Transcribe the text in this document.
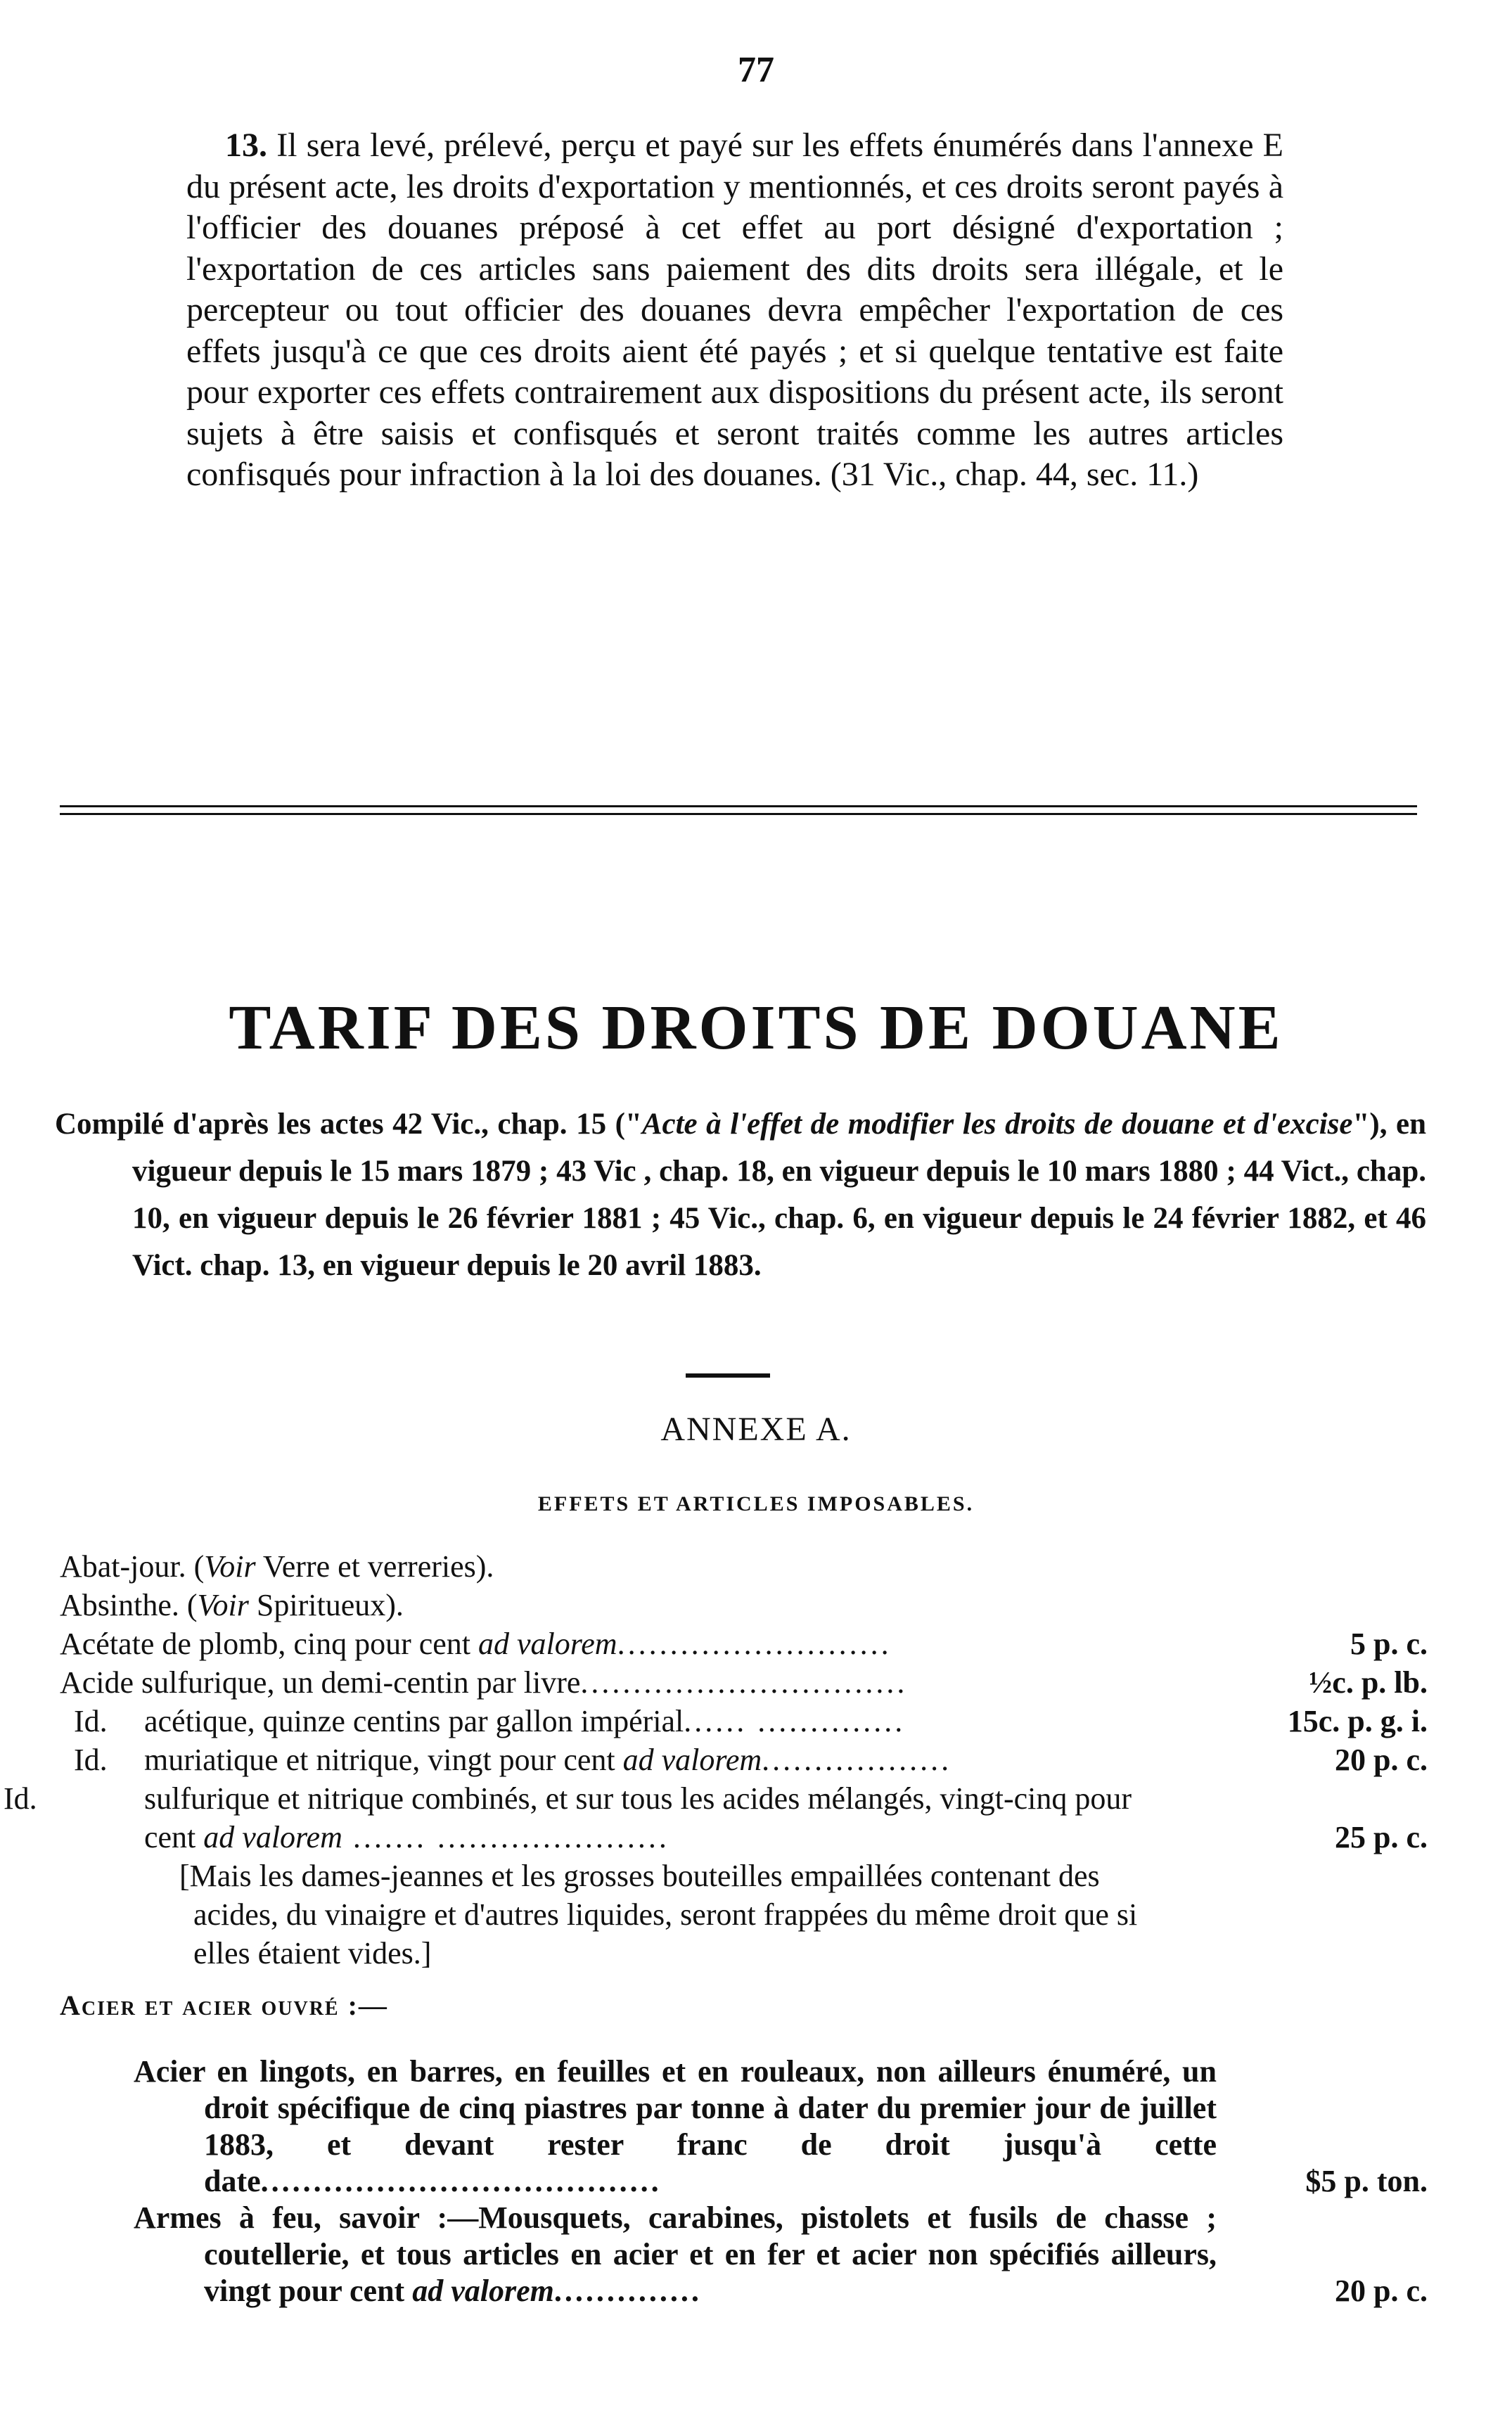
77
13. Il sera levé, prélevé, perçu et payé sur les effets énumérés dans l'annexe E du présent acte, les droits d'exportation y mentionnés, et ces droits seront payés à l'officier des douanes préposé à cet effet au port désigné d'exportation ; l'exportation de ces articles sans paiement des dits droits sera illégale, et le percepteur ou tout officier des douanes devra empêcher l'exportation de ces effets jusqu'à ce que ces droits aient été payés ; et si quelque tentative est faite pour exporter ces effets contrairement aux dispositions du présent acte, ils seront sujets à être saisis et confisqués et seront traités comme les autres articles confisqués pour infraction à la loi des douanes. (31 Vic., chap. 44, sec. 11.)
TARIF DES DROITS DE DOUANE

Compilé d'après les actes 42 Vic., chap. 15 ("Acte à l'effet de modifier les droits de douane et d'excise"), en vigueur depuis le 15 mars 1879 ; 43 Vic , chap. 18, en vigueur depuis le 10 mars 1880 ; 44 Vict., chap. 10, en vigueur depuis le 26 février 1881 ; 45 Vic., chap. 6, en vigueur depuis le 24 février 1882, et 46 Vict. chap. 13, en vigueur depuis le 20 avril 1883.

ANNEXE A.
EFFETS ET ARTICLES IMPOSABLES.
Abat-jour. (Voir Verre et verreries).
Absinthe. (Voir Spiritueux).
Acétate de plomb, cinq pour cent ad valorem..........................	5 p. c.
Acide sulfurique, un demi-centin par livre...............................	½c. p. lb.
Id. acétique, quinze centins par gallon impérial...... ..............	15c. p. g. i.
Id. muriatique et nitrique, vingt pour cent ad valorem..................	20 p. c.
Id.	sulfurique et nitrique combinés, et sur tous les acides mélangés, vingt-cinq pour cent ad valorem ....... ......................	25 p. c.
[Mais les dames-jeannes et les grosses bouteilles empaillées contenant des acides, du vinaigre et d'autres liquides, seront frappées du même droit que si elles étaient vides.]
Acier et acier ouvré :—
Acier en lingots, en barres, en feuilles et en rouleaux, non ailleurs énuméré, un droit spécifique de cinq piastres par tonne à dater du premier jour de juillet 1883, et devant rester franc de droit jusqu'à cette date......................................	$5 p. ton.
Armes à feu, savoir :—Mousquets, carabines, pistolets et fusils de chasse ; coutellerie, et tous articles en acier et en fer et acier non spécifiés ailleurs, vingt pour cent ad valorem..............	20 p. c.
